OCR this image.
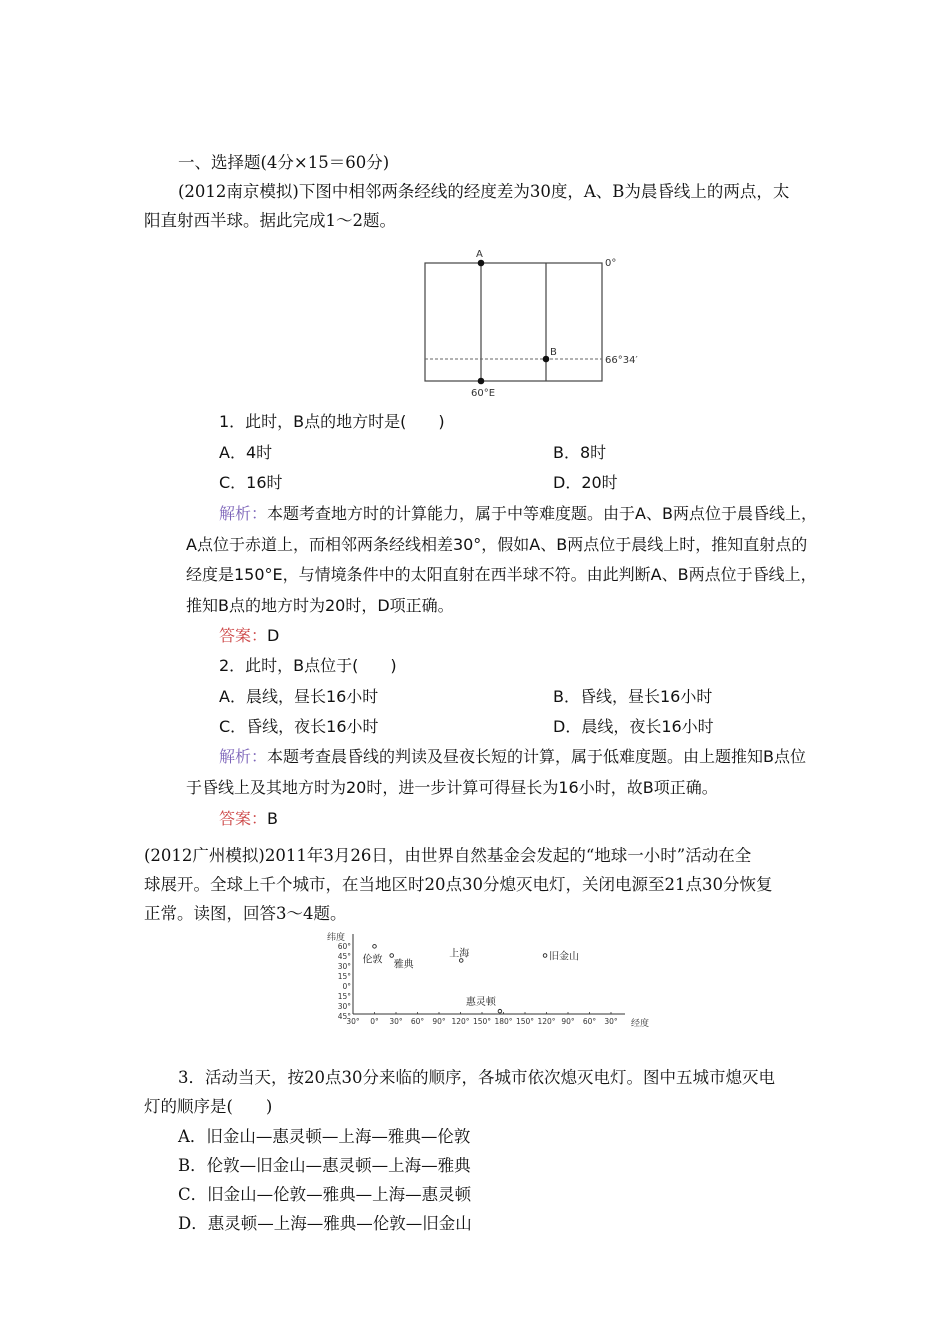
一、选择题(4分×15＝60分)
(2012南京模拟)下图中相邻两条经线的经度差为30度，A、B为晨昏线上的两点，太
阳直射西半球。据此完成1～2题。
A
B
0°
66°34′
60°E
1．此时，B点的地方时是(　　)
A．4时	B．8时
C．16时	D．20时
解析：本题考查地方时的计算能力，属于中等难度题。由于A、B两点位于晨昏线上，
A点位于赤道上，而相邻两条经线相差30°，假如A、B两点位于晨线上时，推知直射点的
经度是150°E，与情境条件中的太阳直射在西半球不符。由此判断A、B两点位于昏线上，
推知B点的地方时为20时，D项正确。
答案：D
2．此时，B点位于(　　)
A．晨线，昼长16小时	B．昏线，昼长16小时
C．昏线，夜长16小时	D．晨线，夜长16小时
解析：本题考查晨昏线的判读及昼夜长短的计算，属于低难度题。由上题推知B点位
于昏线上及其地方时为20时，进一步计算可得昼长为16小时，故B项正确。
答案：B
(2012广州模拟)2011年3月26日，由世界自然基金会发起的“地球一小时”活动在全
球展开。全球上千个城市，在当地区时20点30分熄灭电灯，关闭电源至21点30分恢复
正常。读图，回答3～4题。
纬度
经度
60°
45°
30°
15°
0°
15°
30°
45°
30° 0° 30° 60° 90° 120° 150° 180° 150° 120° 90° 60° 30°
伦敦 雅典
上海	旧金山
惠灵顿
3．活动当天，按20点30分来临的顺序，各城市依次熄灭电灯。图中五城市熄灭电
灯的顺序是(　　)
A．旧金山—惠灵顿—上海—雅典—伦敦
B．伦敦—旧金山—惠灵顿—上海—雅典
C．旧金山—伦敦—雅典—上海—惠灵顿
D．惠灵顿—上海—雅典—伦敦—旧金山
